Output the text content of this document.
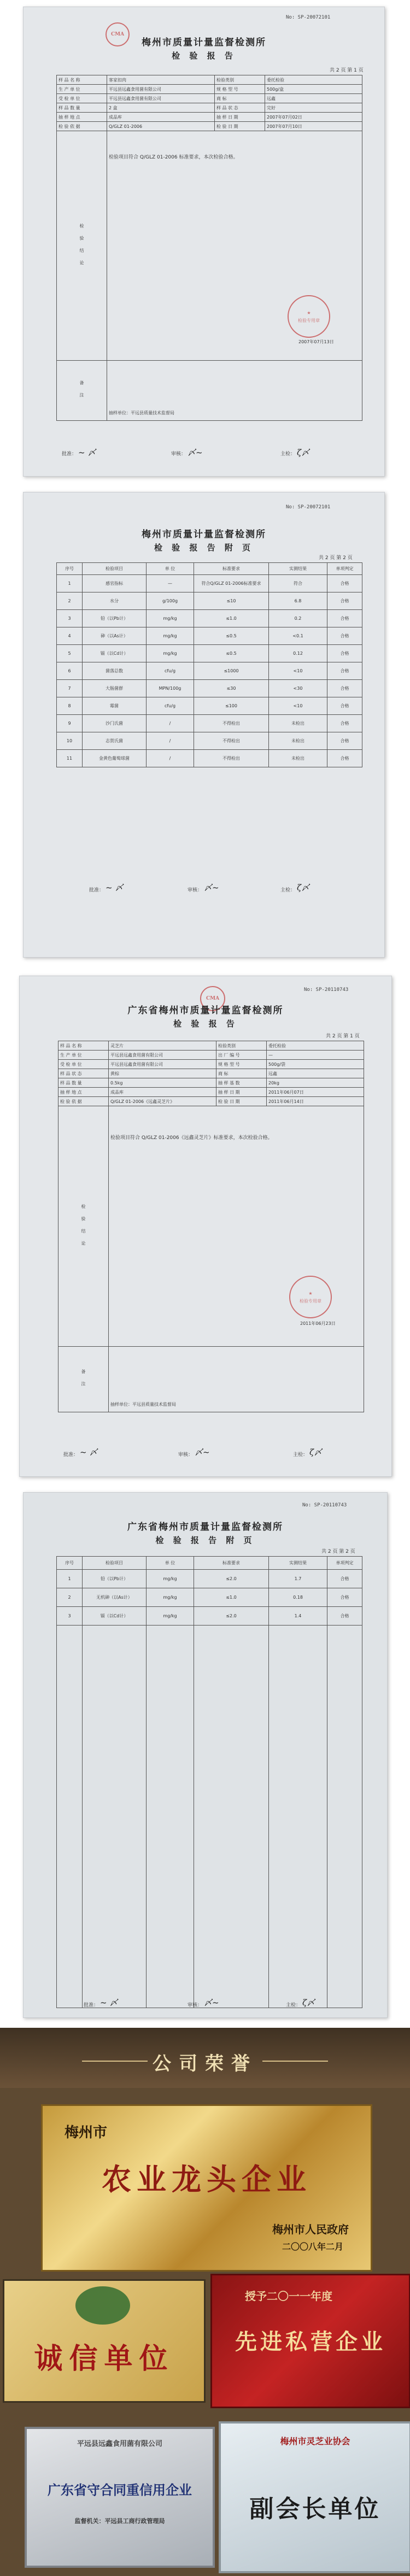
No: SP-20072101
CMA
梅州市质量计量监督检测所
检 验 报 告
共 2 页 第 1 页
样 品 名 称	客家扣肉	检验类别	委托检验
生 产 单 位	平远县远鑫食用菌有限公司	规 格 型 号	500g/盒
受 检 单 位	平远县远鑫食用菌有限公司	商 标	远鑫
样 品 数 量	2 盒	样 品 状 态	完好
抽 样 地 点	成品库	抽 样 日 期	2007年07月02日
检 验 依 据	Q/GLZ 01-2006	检 验 日 期	2007年07月10日
检 验 结 论	检验项目符合 Q/GLZ 01-2006 标准要求，本次检验合格。
★
检验专用章
2007年07月13日		

备 注	抽样单位：平远县质量技术监督局		
批准： ~ 〆	审核： 〆~	主检： ζ〆
No: SP-20072101
梅州市质量计量监督检测所
检 验 报 告 附 页
共 2 页 第 2 页
序号	检验项目	单 位	标准要求	实测结果	单项判定
1	感官指标	—	符合Q/GLZ 01-2006标准要求	符合	合格
2	水分	g/100g	≤10	6.8	合格
3	铅（以Pb计）	mg/kg	≤1.0	0.2	合格
4	砷（以As计）	mg/kg	≤0.5	<0.1	合格
5	镉（以Cd计）	mg/kg	≤0.5	0.12	合格
6	菌落总数	cfu/g	≤1000	<10	合格
7	大肠菌群	MPN/100g	≤30	<30	合格
8	霉菌	cfu/g	≤100	<10	合格
9	沙门氏菌	/	不得检出	未检出	合格
10	志贺氏菌	/	不得检出	未检出	合格
11	金黄色葡萄球菌	/	不得检出	未检出	合格
批准： ~ 〆	审核： 〆~	主检： ζ〆
No: SP-20110743
CMA
广东省梅州市质量计量监督检测所
检 验 报 告
共 2 页 第 1 页
样 品 名 称	灵芝片	检验类别	委托检验
生 产 单 位	平远县远鑫食用菌有限公司	出 厂 编 号	—
受 检 单 位	平远县远鑫食用菌有限公司	规 格 型 号	500g/袋
样 品 状 态	黄棕	商 标	远鑫
样 品 数 量	0.5kg	抽 样 基 数	20kg
抽 样 地 点	成品库	抽 样 日 期	2011年06月07日
检 验 依 据	Q/GLZ 01-2006《远鑫灵芝片》	检 验 日 期	2011年06月14日
检 验 结 论	检验项目符合 Q/GLZ 01-2006《远鑫灵芝片》标准要求，本次检验合格。
★
检验专用章
2011年06月23日		

备 注	抽样单位：平远县质量技术监督局		
批准： ~ 〆	审核： 〆~	主检： ζ〆
No: SP-20110743
广东省梅州市质量计量监督检测所
检 验 报 告 附 页
共 2 页 第 2 页
序号	检验项目	单 位	标准要求	实测结果	单项判定
1	铅（以Pb计）	mg/kg	≤2.0	1.7	合格
2	无机砷（以As计）	mg/kg	≤1.0	0.18	合格
3	镉（以Cd计）	mg/kg	≤2.0	1.4	合格

批准： ~ 〆	审核： 〆~	主检： ζ〆
公司荣誉
梅州市
农业龙头企业
梅州市人民政府
二〇〇八年二月
诚信单位
授予二〇一一年度
先进私营企业
平远县远鑫食用菌有限公司
广东省守合同重信用企业
监督机关：平远县工商行政管理局
梅州市灵芝业协会
副会长单位
